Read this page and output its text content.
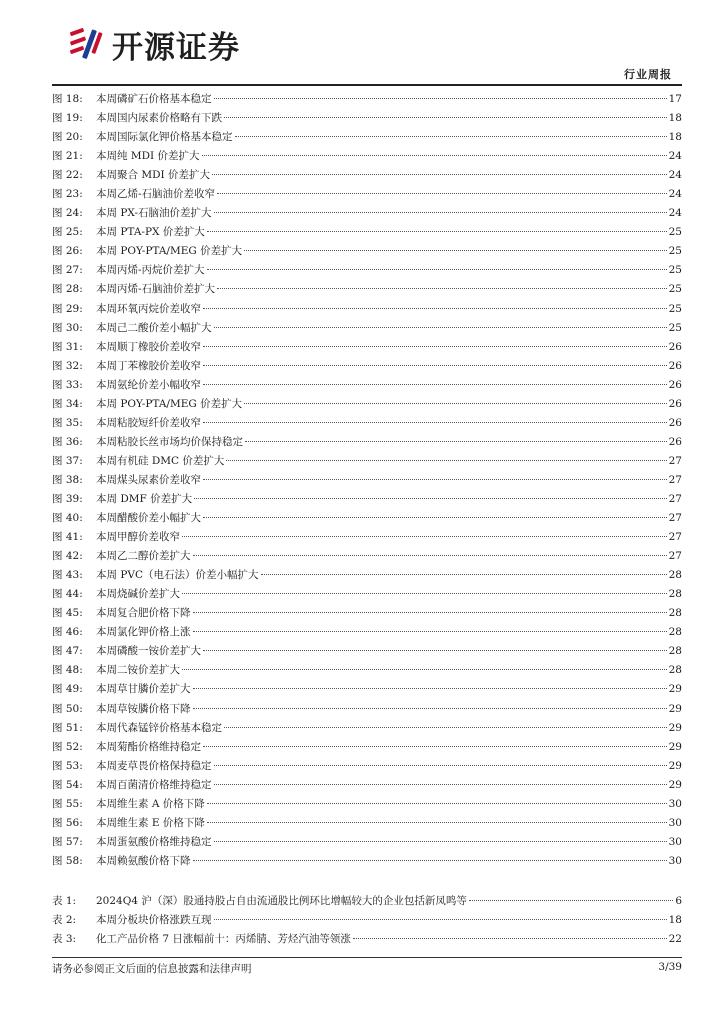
开源证券
行业周报
图 18:	本周磷矿石价格基本稳定	17
图 19:	本周国内尿素价格略有下跌	18
图 20:	本周国际氯化钾价格基本稳定	18
图 21:	本周纯 MDI 价差扩大	24
图 22:	本周聚合 MDI 价差扩大	24
图 23:	本周乙烯-石脑油价差收窄	24
图 24:	本周 PX-石脑油价差扩大	24
图 25:	本周 PTA-PX 价差扩大	25
图 26:	本周 POY-PTA/MEG 价差扩大	25
图 27:	本周丙烯-丙烷价差扩大	25
图 28:	本周丙烯-石脑油价差扩大	25
图 29:	本周环氧丙烷价差收窄	25
图 30:	本周己二酸价差小幅扩大	25
图 31:	本周顺丁橡胶价差收窄	26
图 32:	本周丁苯橡胶价差收窄	26
图 33:	本周氨纶价差小幅收窄	26
图 34:	本周 POY-PTA/MEG 价差扩大	26
图 35:	本周粘胶短纤价差收窄	26
图 36:	本周粘胶长丝市场均价保持稳定	26
图 37:	本周有机硅 DMC 价差扩大	27
图 38:	本周煤头尿素价差收窄	27
图 39:	本周 DMF 价差扩大	27
图 40:	本周醋酸价差小幅扩大	27
图 41:	本周甲醇价差收窄	27
图 42:	本周乙二醇价差扩大	27
图 43:	本周 PVC（电石法）价差小幅扩大	28
图 44:	本周烧碱价差扩大	28
图 45:	本周复合肥价格下降	28
图 46:	本周氯化钾价格上涨	28
图 47:	本周磷酸一铵价差扩大	28
图 48:	本周二铵价差扩大	28
图 49:	本周草甘膦价差扩大	29
图 50:	本周草铵膦价格下降	29
图 51:	本周代森锰锌价格基本稳定	29
图 52:	本周菊酯价格维持稳定	29
图 53:	本周麦草畏价格保持稳定	29
图 54:	本周百菌清价格维持稳定	29
图 55:	本周维生素 A 价格下降	30
图 56:	本周维生素 E 价格下降	30
图 57:	本周蛋氨酸价格维持稳定	30
图 58:	本周赖氨酸价格下降	30
表 1:	2024Q4 沪（深）股通持股占自由流通股比例环比增幅较大的企业包括新凤鸣等	6
表 2:	本周分板块价格涨跌互现	18
表 3:	化工产品价格 7 日涨幅前十：丙烯腈、芳烃汽油等领涨	22
请务必参阅正文后面的信息披露和法律声明	3/39
